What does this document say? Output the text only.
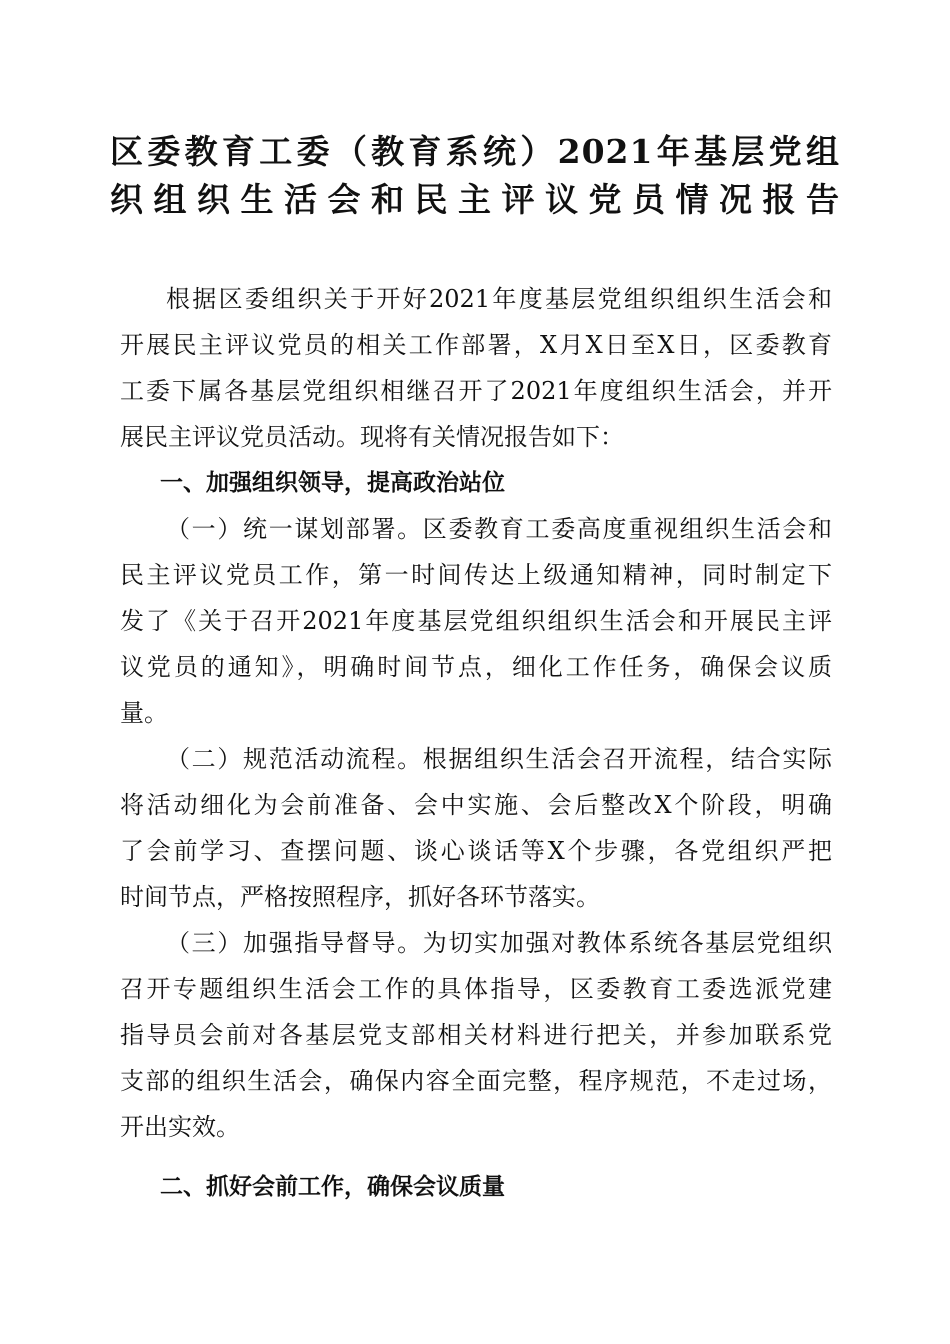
区委教育工委（教育系统）2021年基层党组
织组织生活会和民主评议党员情况报告

根据区委组织关于开好2021年度基层党组织组织生活会和
开展民主评议党员的相关工作部署，X月X日至X日，区委教育
工委下属各基层党组织相继召开了2021年度组织生活会，并开
展民主评议党员活动。现将有关情况报告如下：

一、加强组织领导，提高政治站位

（一）统一谋划部署。区委教育工委高度重视组织生活会和
民主评议党员工作，第一时间传达上级通知精神，同时制定下
发了《关于召开2021年度基层党组织组织生活会和开展民主评
议党员的通知》，明确时间节点，细化工作任务，确保会议质
量。

（二）规范活动流程。根据组织生活会召开流程，结合实际
将活动细化为会前准备、会中实施、会后整改X个阶段，明确
了会前学习、查摆问题、谈心谈话等X个步骤，各党组织严把
时间节点，严格按照程序，抓好各环节落实。

（三）加强指导督导。为切实加强对教体系统各基层党组织
召开专题组织生活会工作的具体指导，区委教育工委选派党建
指导员会前对各基层党支部相关材料进行把关，并参加联系党
支部的组织生活会，确保内容全面完整，程序规范，不走过场，
开出实效。

二、抓好会前工作，确保会议质量
